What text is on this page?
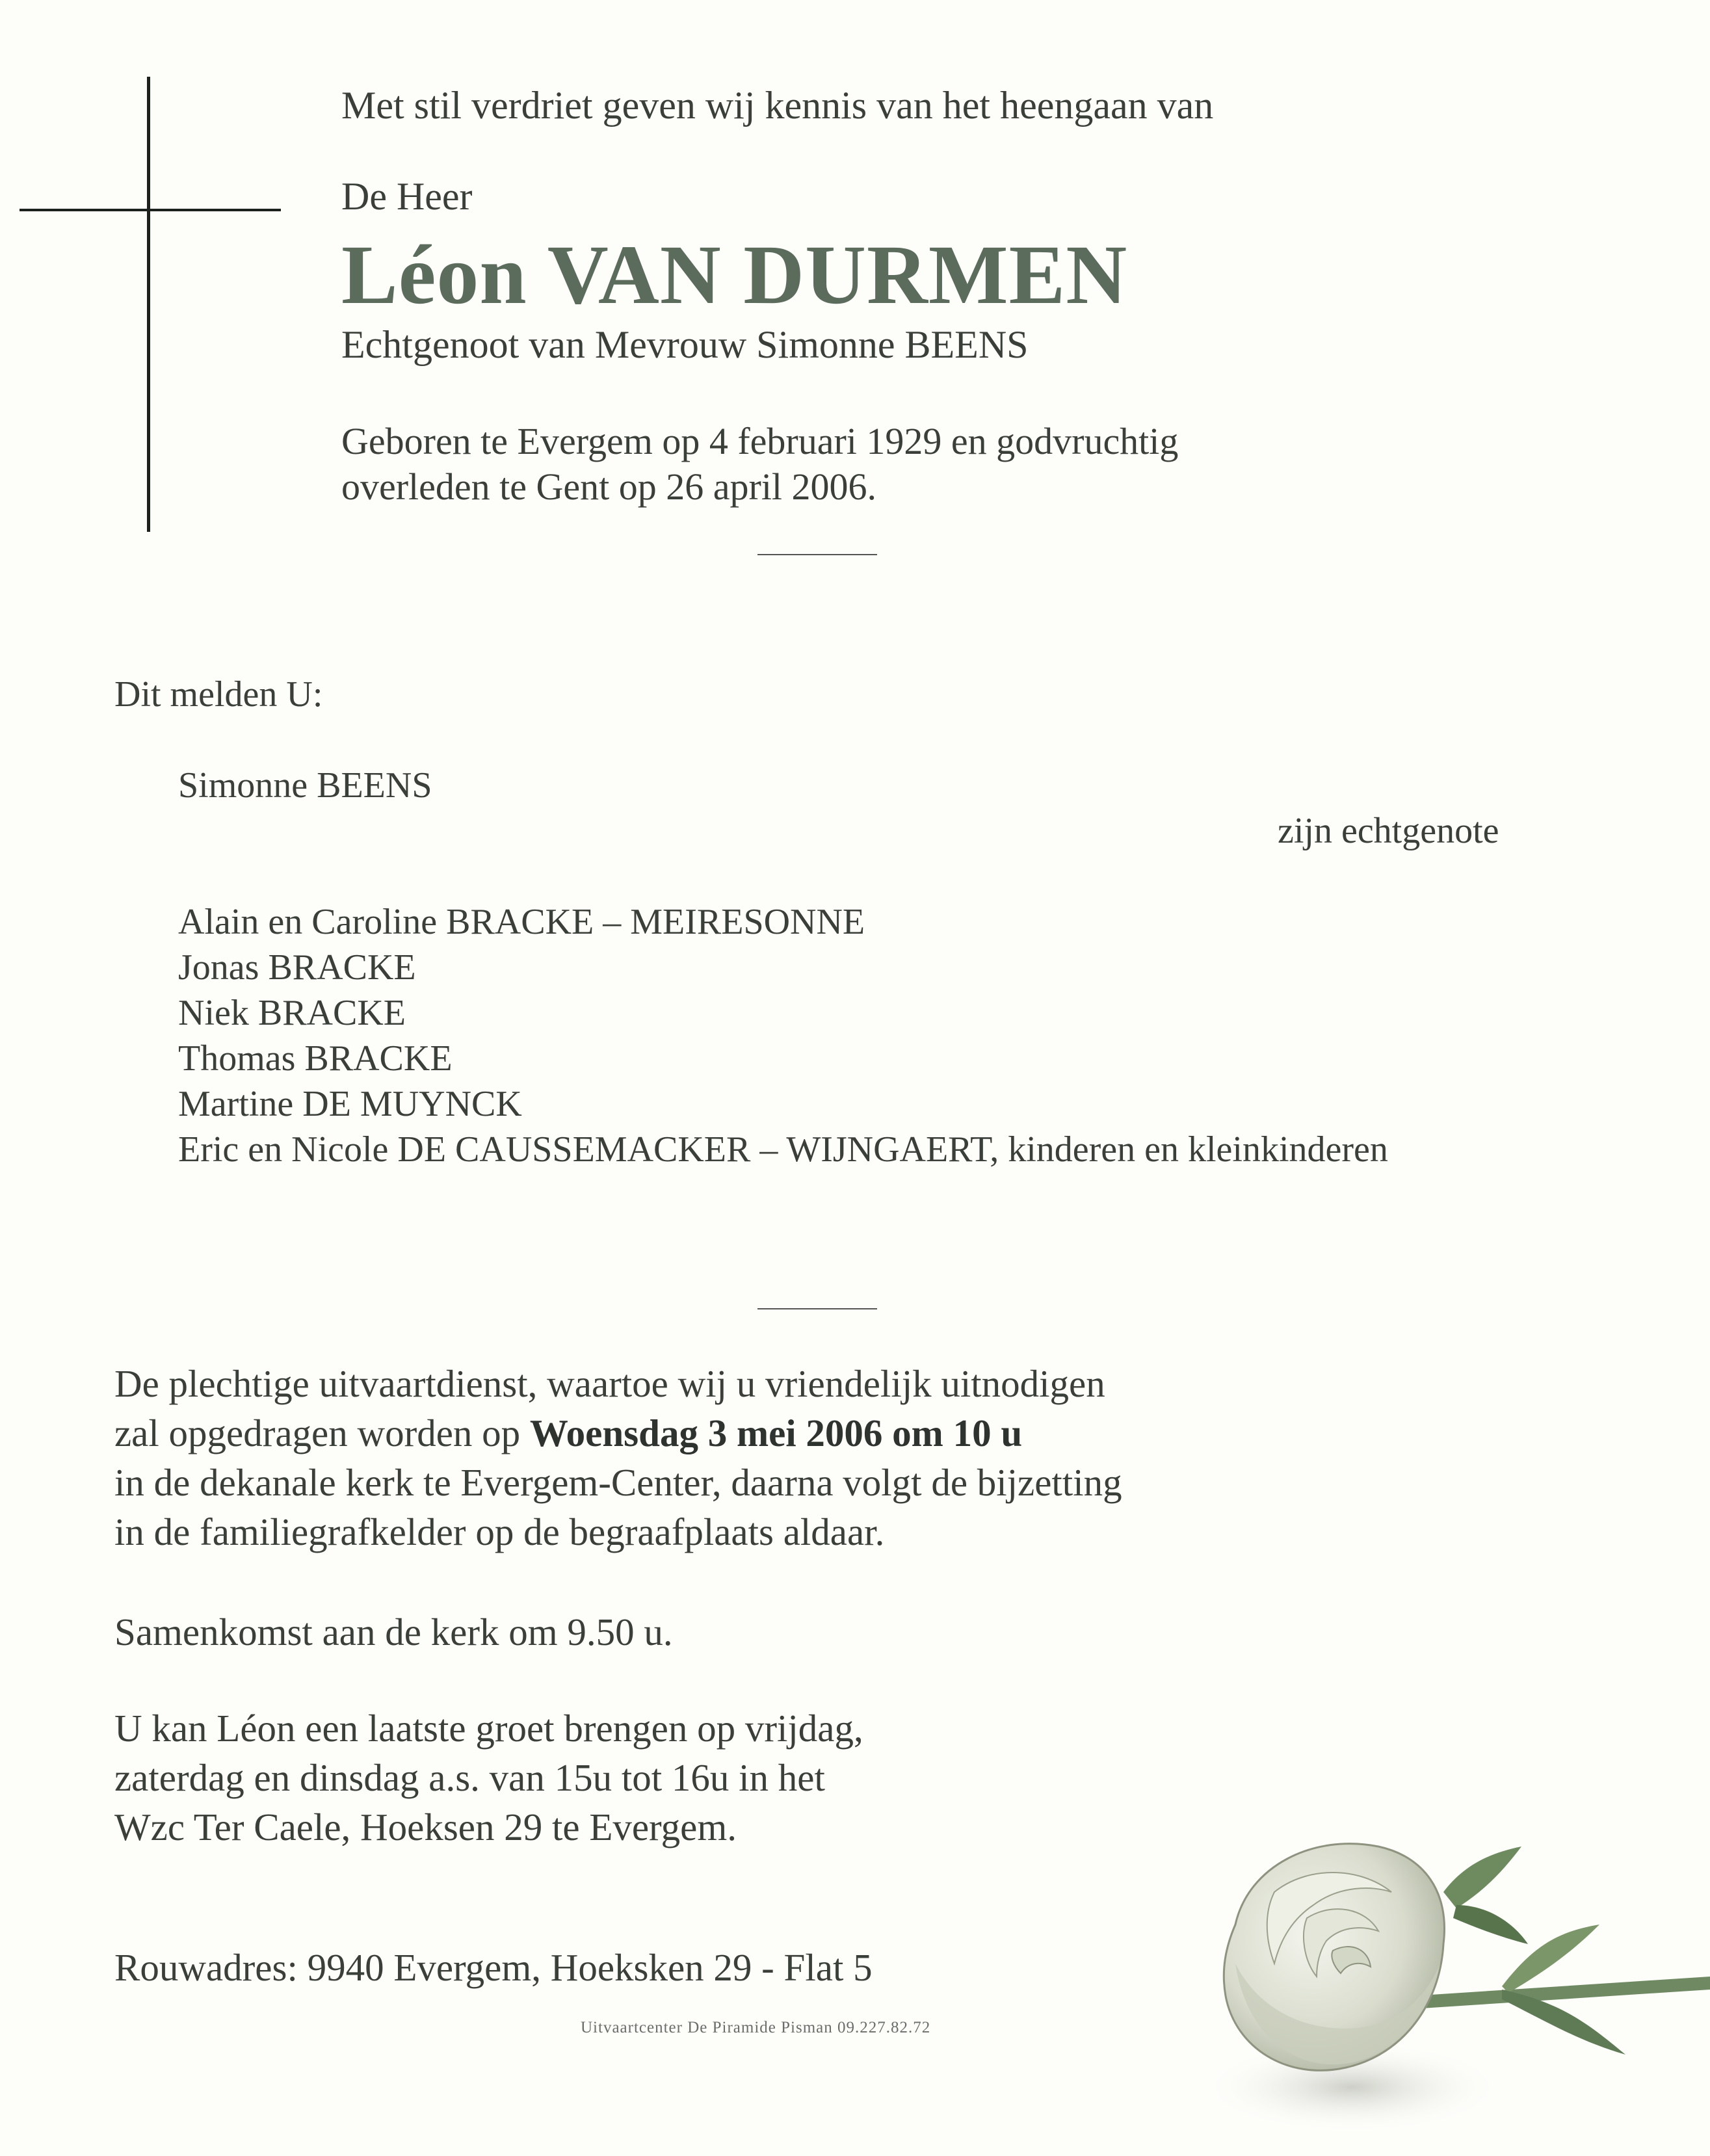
Met stil verdriet geven wij kennis van het heengaan van
De Heer
Léon VAN DURMEN
Echtgenoot van Mevrouw Simonne BEENS
Geboren te Evergem op 4 februari 1929 en godvruchtig
overleden te Gent op 26 april 2006.
Dit melden U:
Simonne BEENS
zijn echtgenote
Alain en Caroline BRACKE – MEIRESONNE
Jonas BRACKE
Niek BRACKE
Thomas BRACKE
Martine DE MUYNCK
Eric en Nicole DE CAUSSEMACKER – WIJNGAERT, kinderen en kleinkinderen
De plechtige uitvaartdienst, waartoe wij u vriendelijk uitnodigen
zal opgedragen worden op Woensdag 3 mei 2006 om 10 u
in de dekanale kerk te Evergem-Center, daarna volgt de bijzetting
in de familiegrafkelder op de begraafplaats aldaar.
Samenkomst aan de kerk om 9.50 u.
U kan Léon een laatste groet brengen op vrijdag,
zaterdag en dinsdag a.s. van 15u tot 16u in het
Wzc Ter Caele, Hoeksen 29 te Evergem.
Rouwadres: 9940 Evergem, Hoeksken 29 - Flat 5
Uitvaartcenter De Piramide Pisman 09.227.82.72
